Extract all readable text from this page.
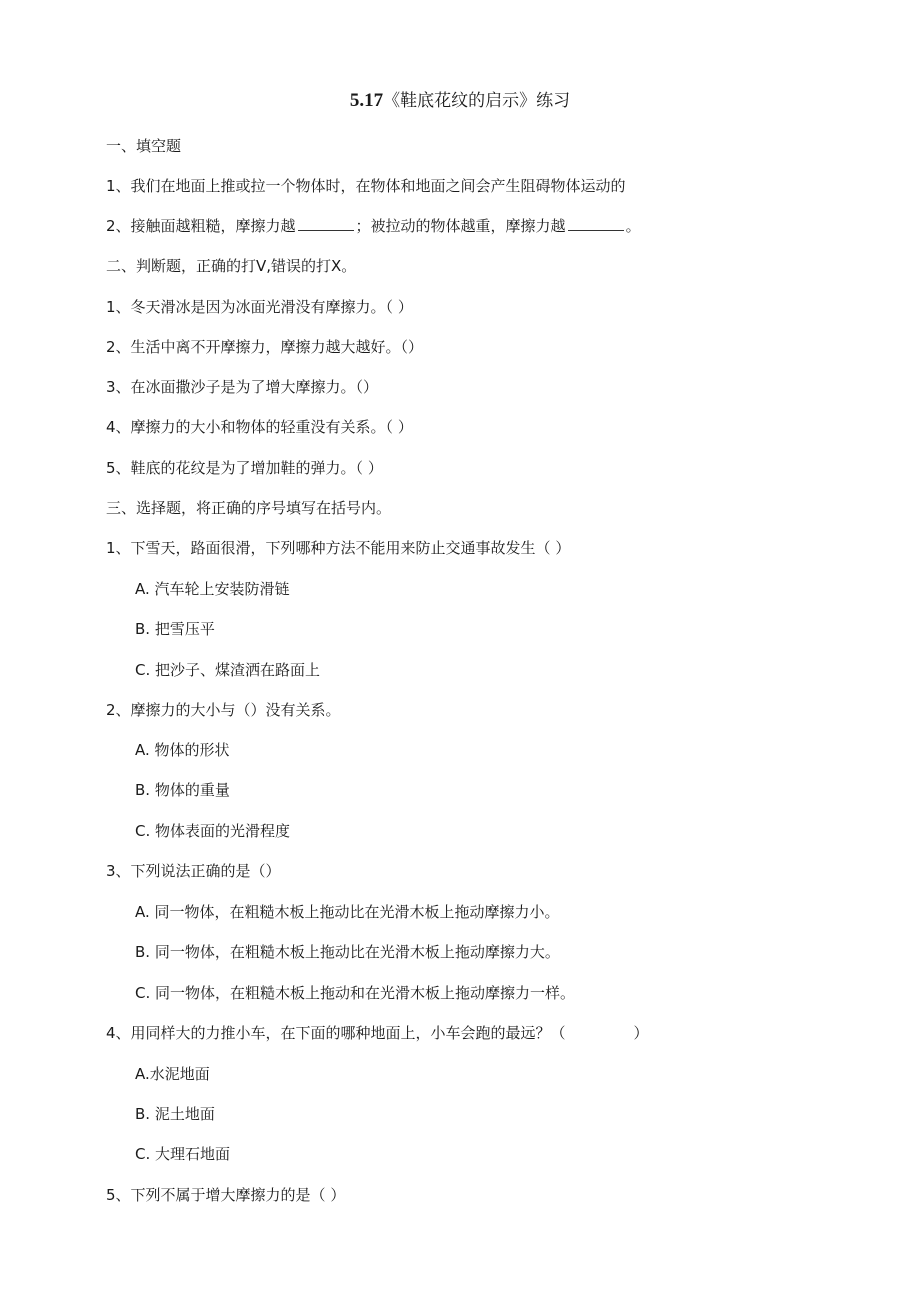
5.17《鞋底花纹的启示》练习
一、填空题
1、我们在地面上推或拉一个物体时，在物体和地面之间会产生阻碍物体运动的
2、接触面越粗糙，摩擦力越	；被拉动的物体越重，摩擦力越	。
二、判断题，正确的打V,错误的打X。
1、冬天滑冰是因为冰面光滑没有摩擦力。（ ）
2、生活中离不开摩擦力，摩擦力越大越好。（）
3、在冰面撒沙子是为了增大摩擦力。（）
4、摩擦力的大小和物体的轻重没有关系。（ ）
5、鞋底的花纹是为了增加鞋的弹力。（ ）
三、选择题，将正确的序号填写在括号内。
1、下雪天，路面很滑，下列哪种方法不能用来防止交通事故发生（ ）
A. 汽车轮上安装防滑链
B. 把雪压平
C. 把沙子、煤渣洒在路面上
2、摩擦力的大小与（）没有关系。
A. 物体的形状
B. 物体的重量
C. 物体表面的光滑程度
3、下列说法正确的是（）
A. 同一物体，在粗糙木板上拖动比在光滑木板上拖动摩擦力小。
B. 同一物体，在粗糙木板上拖动比在光滑木板上拖动摩擦力大。
C. 同一物体，在粗糙木板上拖动和在光滑木板上拖动摩擦力一样。
4、用同样大的力推小车，在下面的哪种地面上，小车会跑的最远？（	）
A.水泥地面
B. 泥土地面
C. 大理石地面
5、下列不属于增大摩擦力的是（ ）
